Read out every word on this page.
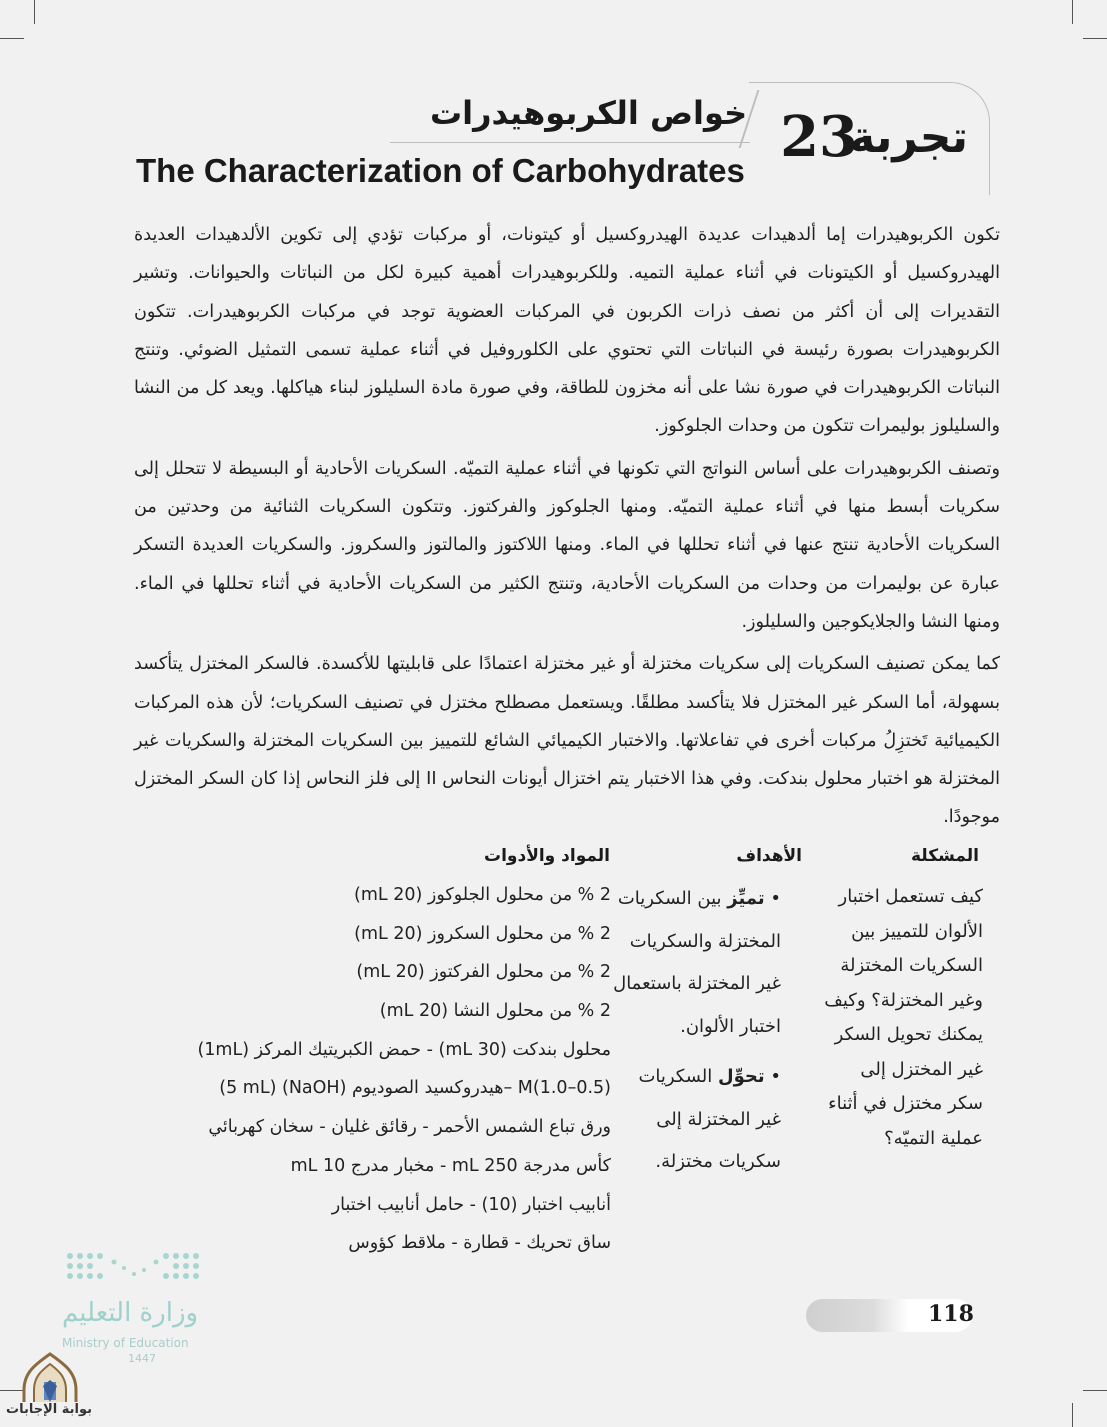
تجربة
23
خواص الكربوهيدرات
The Characterization of Carbohydrates

تكون الكربوهيدرات إما ألدهيدات عديدة الهيدروكسيل أو كيتونات، أو مركبات تؤدي إلى تكوين الألدهيدات العديدة الهيدروكسيل أو الكيتونات في أثناء عملية التميه. وللكربوهيدرات أهمية كبيرة لكل من النباتات والحيوانات. وتشير التقديرات إلى أن أكثر من نصف ذرات الكربون في المركبات العضوية توجد في مركبات الكربوهيدرات. تتكون الكربوهيدرات بصورة رئيسة في النباتات التي تحتوي على الكلوروفيل في أثناء عملية تسمى التمثيل الضوئي. وتنتج النباتات الكربوهيدرات في صورة نشا على أنه مخزون للطاقة، وفي صورة مادة السليلوز لبناء هياكلها. ويعد كل من النشا والسليلوز بوليمرات تتكون من وحدات الجلوكوز.

وتصنف الكربوهيدرات على أساس النواتج التي تكونها في أثناء عملية التميّه. السكريات الأحادية أو البسيطة لا تتحلل إلى سكريات أبسط منها في أثناء عملية التميّه. ومنها الجلوكوز والفركتوز. وتتكون السكريات الثنائية من وحدتين من السكريات الأحادية تنتج عنها في أثناء تحللها في الماء. ومنها اللاكتوز والمالتوز والسكروز. والسكريات العديدة التسكر عبارة عن بوليمرات من وحدات من السكريات الأحادية، وتنتج الكثير من السكريات الأحادية في أثناء تحللها في الماء. ومنها النشا والجلايكوجين والسليلوز.

كما يمكن تصنيف السكريات إلى سكريات مختزلة أو غير مختزلة اعتمادًا على قابليتها للأكسدة. فالسكر المختزل يتأكسد بسهولة، أما السكر غير المختزل فلا يتأكسد مطلقًا. ويستعمل مصطلح مختزل في تصنيف السكريات؛ لأن هذه المركبات الكيميائية تَختزِلُ مركبات أخرى في تفاعلاتها. والاختبار الكيميائي الشائع للتمييز بين السكريات المختزلة والسكريات غير المختزلة هو اختبار محلول بندكت. وفي هذا الاختبار يتم اختزال أيونات النحاس II إلى فلز النحاس إذا كان السكر المختزل موجودًا.

المشكلة
الأهداف
المواد والأدوات
كيف تستعمل اختبار الألوان للتمييز بين السكريات المختزلة وغير المختزلة؟ وكيف يمكنك تحويل السكر غير المختزل إلى سكر مختزل في أثناء عملية التميّه؟
• تميِّز بين السكريات المختزلة والسكريات غير المختزلة باستعمال اختبار الألوان.
• تحوِّل السكريات غير المختزلة إلى سكريات مختزلة.
2 % من محلول الجلوكوز (20 mL)
2 % من محلول السكروز (20 mL)
2 % من محلول الفركتوز (20 mL)
2 % من محلول النشا (20 mL)
محلول بندكت (30 mL) - حمض الكبريتيك المركز (1mL)
(0.5–1.0)M –هيدروكسيد الصوديوم (NaOH) (5 mL)
ورق تباع الشمس الأحمر - رقائق غليان - سخان كهربائي
كأس مدرجة 250 mL - مخبار مدرج 10 mL
أنابيب اختبار (10) - حامل أنابيب اختبار
ساق تحريك - قطارة - ملاقط كؤوس
118
وزارة التعليم
Ministry of Education
1447
بوابة الإجابات
